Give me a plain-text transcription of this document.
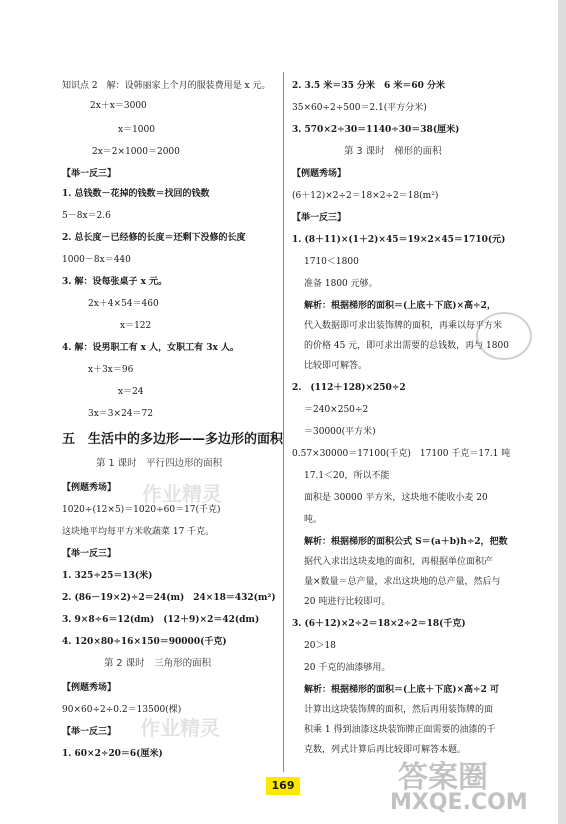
知识点 2　解：设韩丽家上个月的服装费用是 x 元。
2x＋x＝3000
x＝1000
2x＝2×1000＝2000
【举一反三】
1. 总钱数－花掉的钱数＝找回的钱数
5－8x＝2.6
2. 总长度－已经修的长度＝还剩下没修的长度
1000－8x＝440
3. 解：设每张桌子 x 元。
2x＋4×54＝460
x＝122
4. 解：设男职工有 x 人，女职工有 3x 人。
x＋3x＝96
x＝24
3x＝3×24＝72
五　生活中的多边形——多边形的面积
第 1 课时　平行四边形的面积
【例题秀场】
1020÷(12×5)＝1020÷60＝17(千克)
这块地平均每平方米收蔬菜 17 千克。
【举一反三】
1. 325÷25＝13(米)
2. (86－19×2)÷2＝24(m)　24×18＝432(m²)
3. 9×8÷6＝12(dm)　(12＋9)×2＝42(dm)
4. 120×80÷16×150＝90000(千克)
第 2 课时　三角形的面积
【例题秀场】
90×60÷2÷0.2＝13500(棵)
【举一反三】
1. 60×2÷20＝6(厘米)
2. 3.5 米＝35 分米　6 米＝60 分米
35×60÷2÷500＝2.1(平方分米)
3. 570×2÷30＝1140÷30＝38(厘米)
第 3 课时　梯形的面积
【例题秀场】
(6＋12)×2÷2＝18×2÷2＝18(m²)
【举一反三】
1. (8＋11)×(1＋2)×45＝19×2×45＝1710(元)
1710＜1800
准备 1800 元够。
解析：根据梯形的面积＝(上底＋下底)×高÷2，
代入数据即可求出装饰牌的面积，再乘以每平方米
的价格 45 元，即可求出需要的总钱数，再与 1800
比较即可解答。
2.　(112＋128)×250÷2
＝240×250÷2
＝30000(平方米)
0.57×30000＝17100(千克)　17100 千克＝17.1 吨
17.1＜20，所以不能
面积是 30000 平方米，这块地不能收小麦 20
吨。
解析：根据梯形的面积公式 S＝(a＋b)h÷2，把数
据代入求出这块麦地的面积，再根据单位面积产
量×数量＝总产量，求出这块地的总产量，然后与
20 吨进行比较即可。
3. (6＋12)×2÷2＝18×2÷2＝18(千克)
20＞18
20 千克的油漆够用。
解析：根据梯形的面积＝(上底＋下底)×高÷2 可
计算出这块装饰牌的面积，然后再用装饰牌的面
积乘 1 得到油漆这块装饰牌正面需要的油漆的千
克数，列式计算后再比较即可解答本题。
作业精灵
作业精灵
169	答案圈
MXQE.COM
